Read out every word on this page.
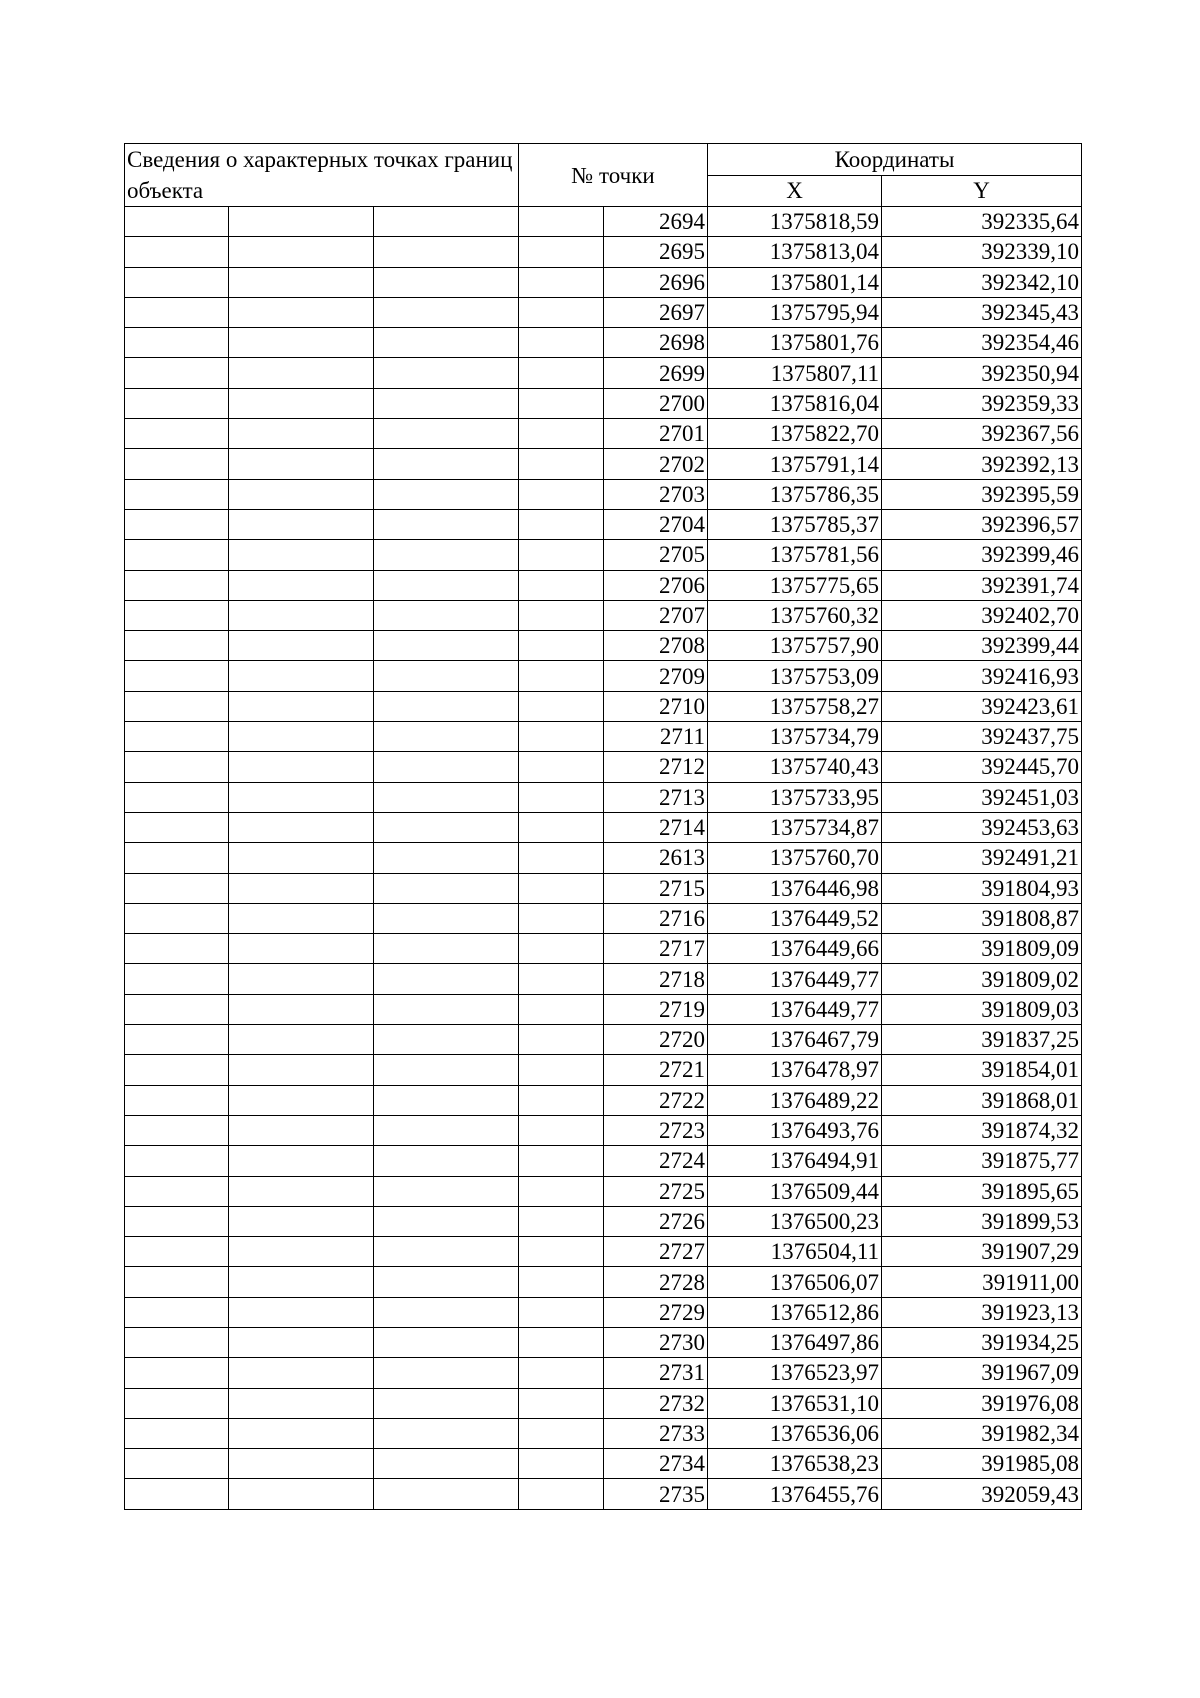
Сведения о характерных точках границ объекта			№ точки		Координаты	
					X	Y
				2694	1375818,59	392335,64
				2695	1375813,04	392339,10
				2696	1375801,14	392342,10
				2697	1375795,94	392345,43
				2698	1375801,76	392354,46
				2699	1375807,11	392350,94
				2700	1375816,04	392359,33
				2701	1375822,70	392367,56
				2702	1375791,14	392392,13
				2703	1375786,35	392395,59
				2704	1375785,37	392396,57
				2705	1375781,56	392399,46
				2706	1375775,65	392391,74
				2707	1375760,32	392402,70
				2708	1375757,90	392399,44
				2709	1375753,09	392416,93
				2710	1375758,27	392423,61
				2711	1375734,79	392437,75
				2712	1375740,43	392445,70
				2713	1375733,95	392451,03
				2714	1375734,87	392453,63
				2613	1375760,70	392491,21
				2715	1376446,98	391804,93
				2716	1376449,52	391808,87
				2717	1376449,66	391809,09
				2718	1376449,77	391809,02
				2719	1376449,77	391809,03
				2720	1376467,79	391837,25
				2721	1376478,97	391854,01
				2722	1376489,22	391868,01
				2723	1376493,76	391874,32
				2724	1376494,91	391875,77
				2725	1376509,44	391895,65
				2726	1376500,23	391899,53
				2727	1376504,11	391907,29
				2728	1376506,07	391911,00
				2729	1376512,86	391923,13
				2730	1376497,86	391934,25
				2731	1376523,97	391967,09
				2732	1376531,10	391976,08
				2733	1376536,06	391982,34
				2734	1376538,23	391985,08
				2735	1376455,76	392059,43
